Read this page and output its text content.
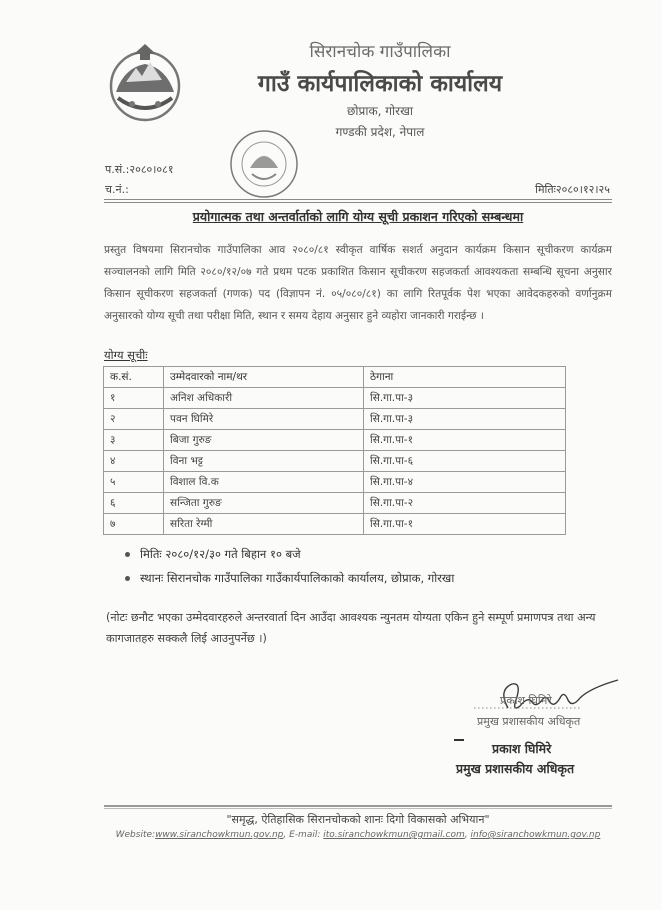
सिरानचोक गाउँपालिका
गाउँ कार्यपालिकाको कार्यालय
छोप्राक, गोरखा
गण्डकी प्रदेश, नेपाल
प.सं.:२०८०।०८१
च.नं.:	मितिः२०८०।१२।२५
प्रयोगात्मक तथा अन्तर्वार्ताको लागि योग्य सूची प्रकाशन गरिएको सम्बन्धमा
प्रस्तुत विषयमा सिरानचोक गाउँपालिका आव २०८०/८१ स्वीकृत वार्षिक सशर्त अनुदान कार्यक्रम किसान सूचीकरण कार्यक्रम सञ्चालनको लागि मिति २०८०/१२/०७ गते प्रथम पटक प्रकाशित किसान सूचीकरण सहजकर्ता आवश्यकता सम्बन्धि सूचना अनुसार किसान सूचीकरण सहजकर्ता (गणक) पद (विज्ञापन नं. ०५/०८०/८१) का लागि रितपूर्वक पेश भएका आवेदकहरुको वर्णानुक्रम अनुसारको योग्य सूची तथा परीक्षा मिति, स्थान र समय देहाय अनुसार हुने व्यहोरा जानकारी गराईन्छ ।
योग्य सूचीः
क.सं.	उम्मेदवारको नाम/थर	ठेगाना
१	अनिश अधिकारी	सि.गा.पा-३
२	पवन घिमिरे	सि.गा.पा-३
३	बिजा गुरुङ	सि.गा.पा-१
४	विना भट्ट	सि.गा.पा-६
५	विशाल वि.क	सि.गा.पा-४
६	सन्जिता गुरुङ	सि.गा.पा-२
७	सरिता रेग्मी	सि.गा.पा-१
मितिः २०८०/१२/३० गते बिहान १० बजे
स्थानः सिरानचोक गाउँपालिका गाउँकार्यपालिकाको कार्यालय, छोप्राक, गोरखा
(नोटः छनौट भएका उम्मेदवारहरुले अन्तरवार्ता दिन आउँदा आवश्यक न्युनतम योग्यता एकिन हुने सम्पूर्ण प्रमाणपत्र तथा अन्य कागजातहरु सक्कलै लिई आउनुपर्नेछ ।)
प्रकाश घिमिरे
प्रमुख प्रशासकीय अधिकृत
प्रकाश घिमिरे
प्रमुख प्रशासकीय अधिकृत
"समृद्ध, ऐतिहासिक सिरानचोकको शानः दिगो विकासको अभियान"
Website:www.siranchowkmun.gov.np, E-mail: ito.siranchowkmun@gmail.com, info@siranchowkmun.gov.np
